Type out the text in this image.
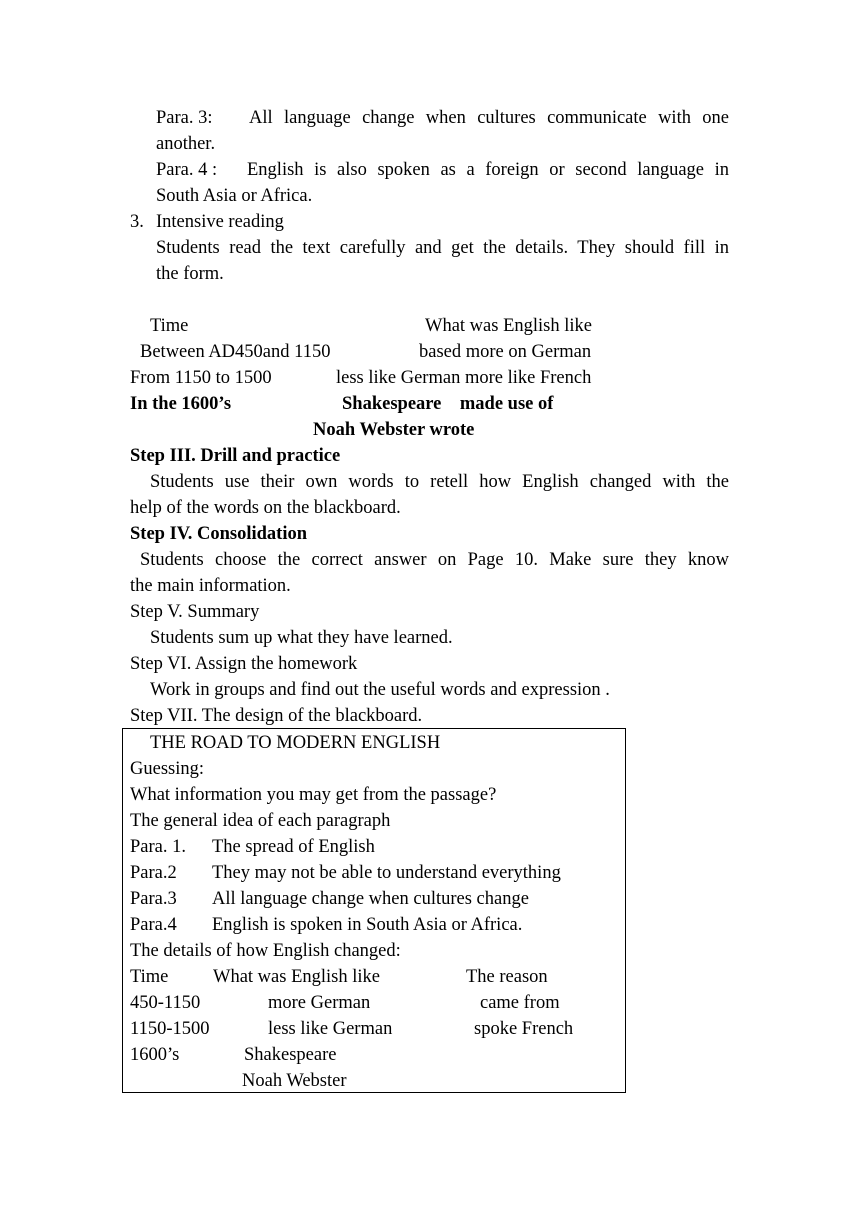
Para. 3: All language change when cultures communicate with one
another.
Para. 4 : English is also spoken as a foreign or second language in
South Asia or Africa.
3. Intensive reading
Students read the text carefully and get the details. They should fill in
the form.
Time	What was English like
Between AD450and 1150	based more on German
From 1150 to 1500	less like German more like French
In the 1600’s	Shakespeare    made use of
Noah Webster wrote
Step III. Drill and practice
Students use their own words to retell how English changed with the
help of the words on the blackboard.
Step IV. Consolidation
Students choose the correct answer on Page 10. Make sure they know
the main information.
Step V. Summary
Students sum up what they have learned.
Step VI. Assign the homework
Work in groups and find out the useful words and expression .
Step VII. The design of the blackboard.
THE ROAD TO MODERN ENGLISH
Guessing:
What information you may get from the passage?
The general idea of each paragraph
Para. 1. The spread of English
Para.2 They may not be able to understand everything
Para.3 All language change when cultures change
Para.4 English is spoken in South Asia or Africa.
The details of how English changed:
Time What was English like	The reason
450-1150	more German	came from
1150-1500	less like German	spoke French
1600’s	Shakespeare
Noah Webster
